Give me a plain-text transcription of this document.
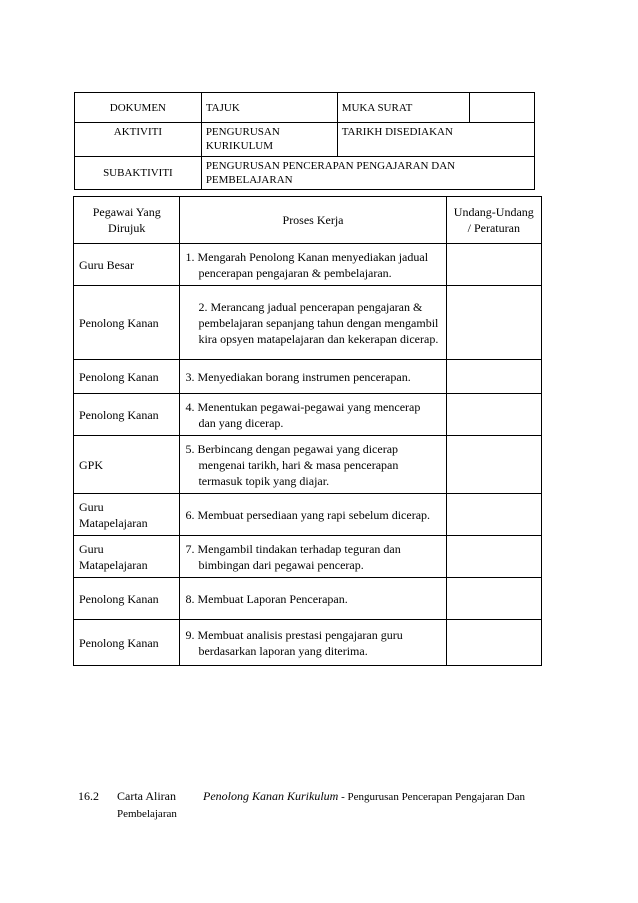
DOKUMEN	TAJUK	MUKA SURAT	
AKTIVITI	PENGURUSAN KURIKULUM	TARIKH DISEDIAKAN	
SUBAKTIVITI	PENGURUSAN PENCERAPAN PENGAJARAN DAN PEMBELAJARAN		
Pegawai Yang Dirujuk	Proses Kerja	Undang-Undang / Peraturan
Guru Besar	1. Mengarah Penolong Kanan menyediakan jadual pencerapan pengajaran & pembelajaran.	

Penolong Kanan	2. Merancang jadual pencerapan pengajaran & pembelajaran sepanjang tahun dengan mengambil kira opsyen matapelajaran dan kekerapan dicerap.	

Penolong Kanan	3. Menyediakan borang instrumen pencerapan.	

Penolong Kanan	4. Menentukan pegawai-pegawai yang mencerap dan yang dicerap.	

GPK	5. Berbincang dengan pegawai yang dicerap mengenai tarikh, hari & masa pencerapan termasuk topik yang diajar.	

Guru Matapelajaran	6. Membuat persediaan yang rapi sebelum dicerap.	

Guru Matapelajaran	7. Mengambil tindakan terhadap teguran dan bimbingan dari pegawai pencerap.	

Penolong Kanan	8. Membuat Laporan Pencerapan.	

Penolong Kanan	9. Membuat analisis prestasi pengajaran guru berdasarkan laporan yang diterima.	

16.2 Carta Aliran Penolong Kanan Kurikulum - Pengurusan Pencerapan Pengajaran Dan
Pembelajaran
